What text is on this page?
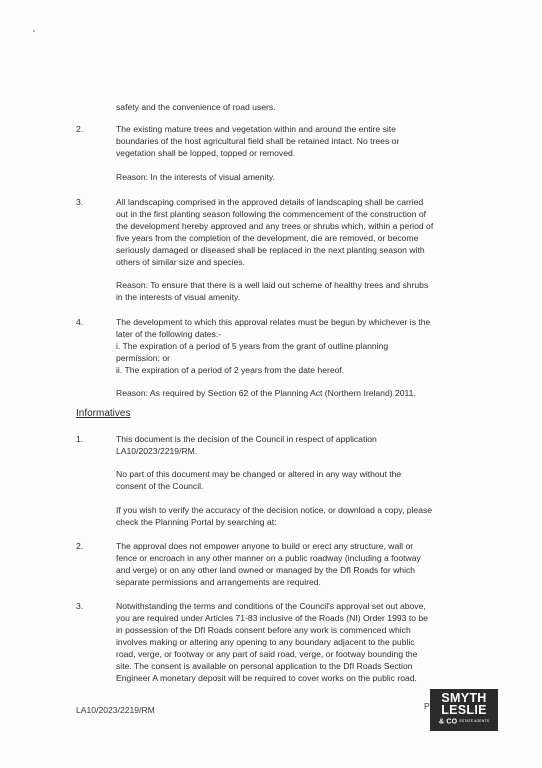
safety and the convenience of road users.
2.	The existing mature trees and vegetation within and around the entire site
boundaries of the host agricultural field shall be retained intact. No trees or
vegetation shall be lopped, topped or removed.
Reason: In the interests of visual amenity.
3.	All landscaping comprised in the approved details of landscaping shall be carried
out in the first planting season following the commencement of the construction of
the development hereby approved and any trees or shrubs which, within a period of
five years from the completion of the development, die are removed, or become
seriously damaged or diseased shall be replaced in the next planting season with
others of similar size and species.
Reason: To ensure that there is a well laid out scheme of healthy trees and shrubs
in the interests of visual amenity.
4.	The development to which this approval relates must be begun by whichever is the
later of the following dates:-
i. The expiration of a period of 5 years from the grant of outline planning
permission; or
ii. The expiration of a period of 2 years from the date hereof.
Reason: As required by Section 62 of the Planning Act (Northern Ireland) 2011.
Informatives
1.	This document is the decision of the Council in respect of application
LA10/2023/2219/RM.
No part of this document may be changed or altered in any way without the
consent of the Council.
If you wish to verify the accuracy of the decision notice, or download a copy, please
check the Planning Portal by searching at:
2.	The approval does not empower anyone to build or erect any structure, wall or
fence or encroach in any other manner on a public roadway (including a footway
and verge) or on any other land owned or managed by the DfI Roads for which
separate permissions and arrangements are required.
3.	Notwithstanding the terms and conditions of the Council's approval set out above,
you are required under Articles 71-83 inclusive of the Roads (NI) Order 1993 to be
in possession of the DfI Roads consent before any work is commenced which
involves making or altering any opening to any boundary adjacent to the public
road, verge, or footway or any part of said road, verge, or footway bounding the
site. The consent is available on personal application to the DfI Roads Section
Engineer A monetary deposit will be required to cover works on the public road.
LA10/2023/2219/RM	P
SMYTH
LESLIE
& CO ESTATE AGENTS
